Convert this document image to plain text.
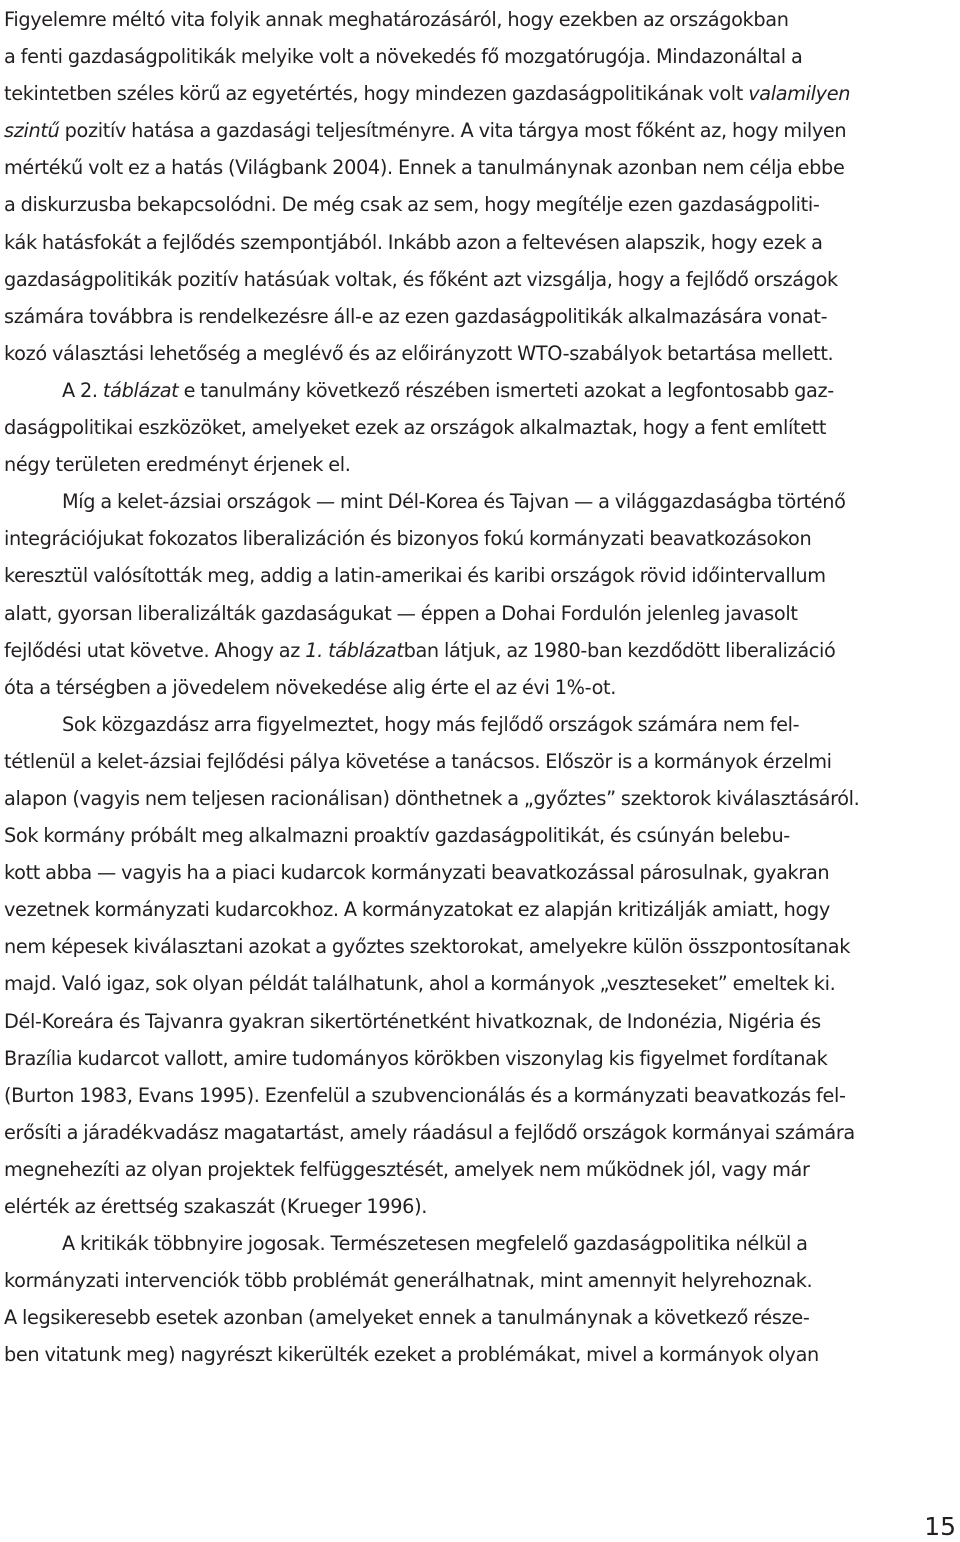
Figyelemre méltó vita folyik annak meghatározásáról, hogy ezekben az országokban
a fenti gazdaságpolitikák melyike volt a növekedés fő mozgatórugója. Mindazonáltal a
tekintetben széles körű az egyetértés, hogy mindezen gazdaságpolitikának volt valamilyen
szintű pozitív hatása a gazdasági teljesítményre. A vita tárgya most főként az, hogy milyen
mértékű volt ez a hatás (Világbank 2004). Ennek a tanulmánynak azonban nem célja ebbe
a diskurzusba bekapcsolódni. De még csak az sem, hogy megítélje ezen gazdaságpoliti-
kák hatásfokát a fejlődés szempontjából. Inkább azon a feltevésen alapszik, hogy ezek a
gazdaságpolitikák pozitív hatásúak voltak, és főként azt vizsgálja, hogy a fejlődő országok
számára továbbra is rendelkezésre áll-e az ezen gazdaságpolitikák alkalmazására vonat-
kozó választási lehetőség a meglévő és az előirányzott WTO-szabályok betartása mellett.
A 2. táblázat e tanulmány következő részében ismerteti azokat a legfontosabb gaz-
daságpolitikai eszközöket, amelyeket ezek az országok alkalmaztak, hogy a fent említett
négy területen eredményt érjenek el.

Míg a kelet-ázsiai országok — mint Dél-Korea és Tajvan — a világgazdaságba történő
integrációjukat fokozatos liberalizáción és bizonyos fokú kormányzati beavatkozásokon
keresztül valósították meg, addig a latin-amerikai és karibi országok rövid időintervallum
alatt, gyorsan liberalizálták gazdaságukat — éppen a Dohai Fordulón jelenleg javasolt
fejlődési utat követve. Ahogy az 1. táblázatban látjuk, az 1980-ban kezdődött liberalizáció
óta a térségben a jövedelem növekedése alig érte el az évi 1%-ot.

Sok közgazdász arra figyelmeztet, hogy más fejlődő országok számára nem fel-
tétlenül a kelet-ázsiai fejlődési pálya követése a tanácsos. Először is a kormányok érzelmi
alapon (vagyis nem teljesen racionálisan) dönthetnek a „győztes” szektorok kiválasztásáról.
Sok kormány próbált meg alkalmazni proaktív gazdaságpolitikát, és csúnyán belebu-
kott abba — vagyis ha a piaci kudarcok kormányzati beavatkozással párosulnak, gyakran
vezetnek kormányzati kudarcokhoz. A kormányzatokat ez alapján kritizálják amiatt, hogy
nem képesek kiválasztani azokat a győztes szektorokat, amelyekre külön összpontosítanak
majd. Való igaz, sok olyan példát találhatunk, ahol a kormányok „veszteseket” emeltek ki.
Dél-Koreára és Tajvanra gyakran sikertörténetként hivatkoznak, de Indonézia, Nigéria és
Brazília kudarcot vallott, amire tudományos körökben viszonylag kis figyelmet fordítanak
(Burton 1983, Evans 1995). Ezenfelül a szubvencionálás és a kormányzati beavatkozás fel-
erősíti a járadékvadász magatartást, amely ráadásul a fejlődő országok kormányai számára
megnehezíti az olyan projektek felfüggesztését, amelyek nem működnek jól, vagy már
elérték az érettség szakaszát (Krueger 1996).

A kritikák többnyire jogosak. Természetesen megfelelő gazdaságpolitika nélkül a
kormányzati intervenciók több problémát generálhatnak, mint amennyit helyrehoznak.
A legsikeresebb esetek azonban (amelyeket ennek a tanulmánynak a következő része-
ben vitatunk meg) nagyrészt kikerülték ezeket a problémákat, mivel a kormányok olyan

15
